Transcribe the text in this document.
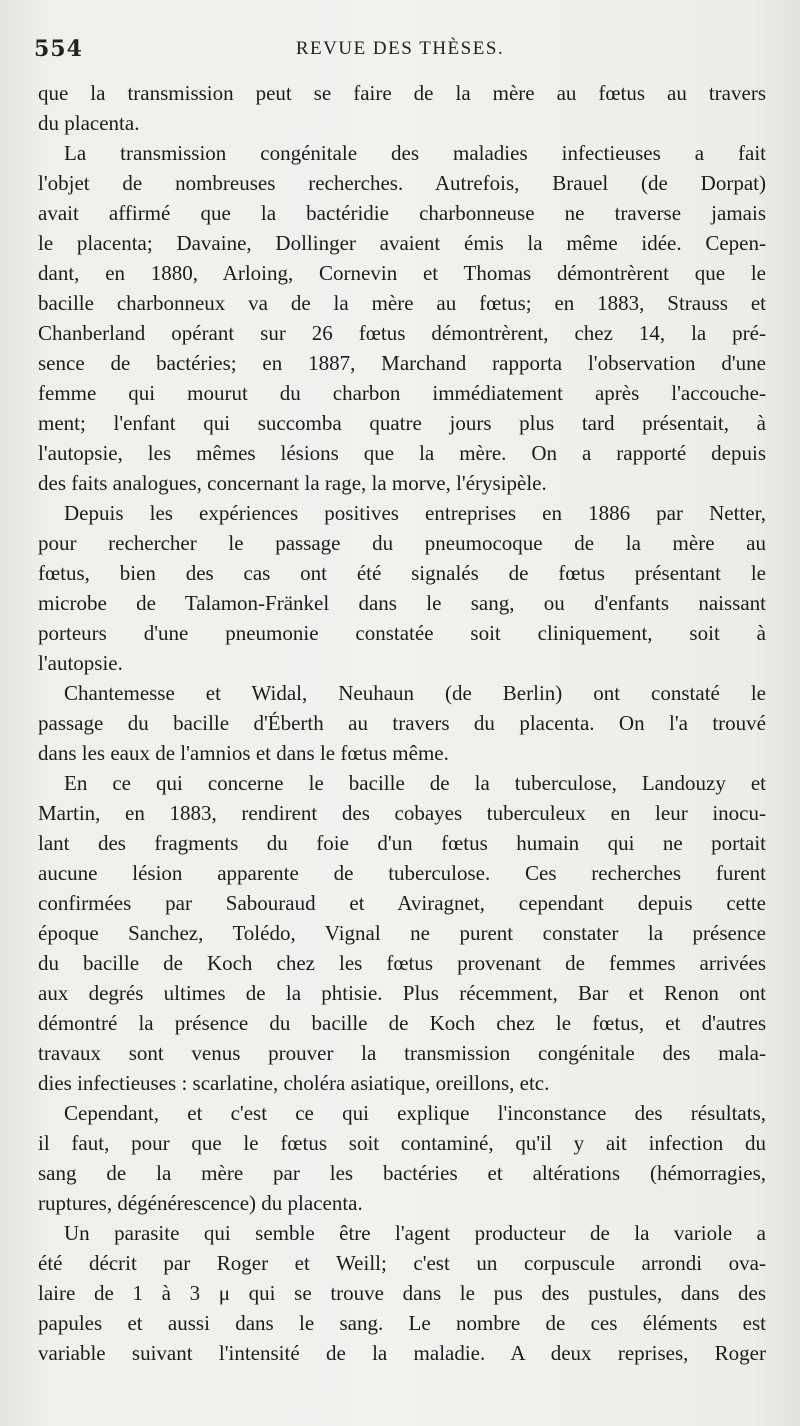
554	REVUE DES THÈSES.
que la transmission peut se faire de la mère au fœtus au travers
du placenta.
La transmission congénitale des maladies infectieuses a fait
l'objet de nombreuses recherches. Autrefois, Brauel (de Dorpat)
avait affirmé que la bactéridie charbonneuse ne traverse jamais
le placenta; Davaine, Dollinger avaient émis la même idée. Cepen-
dant, en 1880, Arloing, Cornevin et Thomas démontrèrent que le
bacille charbonneux va de la mère au fœtus; en 1883, Strauss et
Chanberland opérant sur 26 fœtus démontrèrent, chez 14, la pré-
sence de bactéries; en 1887, Marchand rapporta l'observation d'une
femme qui mourut du charbon immédiatement après l'accouche-
ment; l'enfant qui succomba quatre jours plus tard présentait, à
l'autopsie, les mêmes lésions que la mère. On a rapporté depuis
des faits analogues, concernant la rage, la morve, l'érysipèle.
Depuis les expériences positives entreprises en 1886 par Netter,
pour rechercher le passage du pneumocoque de la mère au
fœtus, bien des cas ont été signalés de fœtus présentant le
microbe de Talamon-Fränkel dans le sang, ou d'enfants naissant
porteurs d'une pneumonie constatée soit cliniquement, soit à
l'autopsie.
Chantemesse et Widal, Neuhaun (de Berlin) ont constaté le
passage du bacille d'Éberth au travers du placenta. On l'a trouvé
dans les eaux de l'amnios et dans le fœtus même.
En ce qui concerne le bacille de la tuberculose, Landouzy et
Martin, en 1883, rendirent des cobayes tuberculeux en leur inocu-
lant des fragments du foie d'un fœtus humain qui ne portait
aucune lésion apparente de tuberculose. Ces recherches furent
confirmées par Sabouraud et Aviragnet, cependant depuis cette
époque Sanchez, Tolédo, Vignal ne purent constater la présence
du bacille de Koch chez les fœtus provenant de femmes arrivées
aux degrés ultimes de la phtisie. Plus récemment, Bar et Renon ont
démontré la présence du bacille de Koch chez le fœtus, et d'autres
travaux sont venus prouver la transmission congénitale des mala-
dies infectieuses : scarlatine, choléra asiatique, oreillons, etc.
Cependant, et c'est ce qui explique l'inconstance des résultats,
il faut, pour que le fœtus soit contaminé, qu'il y ait infection du
sang de la mère par les bactéries et altérations (hémorragies,
ruptures, dégénérescence) du placenta.
Un parasite qui semble être l'agent producteur de la variole a
été décrit par Roger et Weill; c'est un corpuscule arrondi ova-
laire de 1 à 3 μ qui se trouve dans le pus des pustules, dans des
papules et aussi dans le sang. Le nombre de ces éléments est
variable suivant l'intensité de la maladie. A deux reprises, Roger
